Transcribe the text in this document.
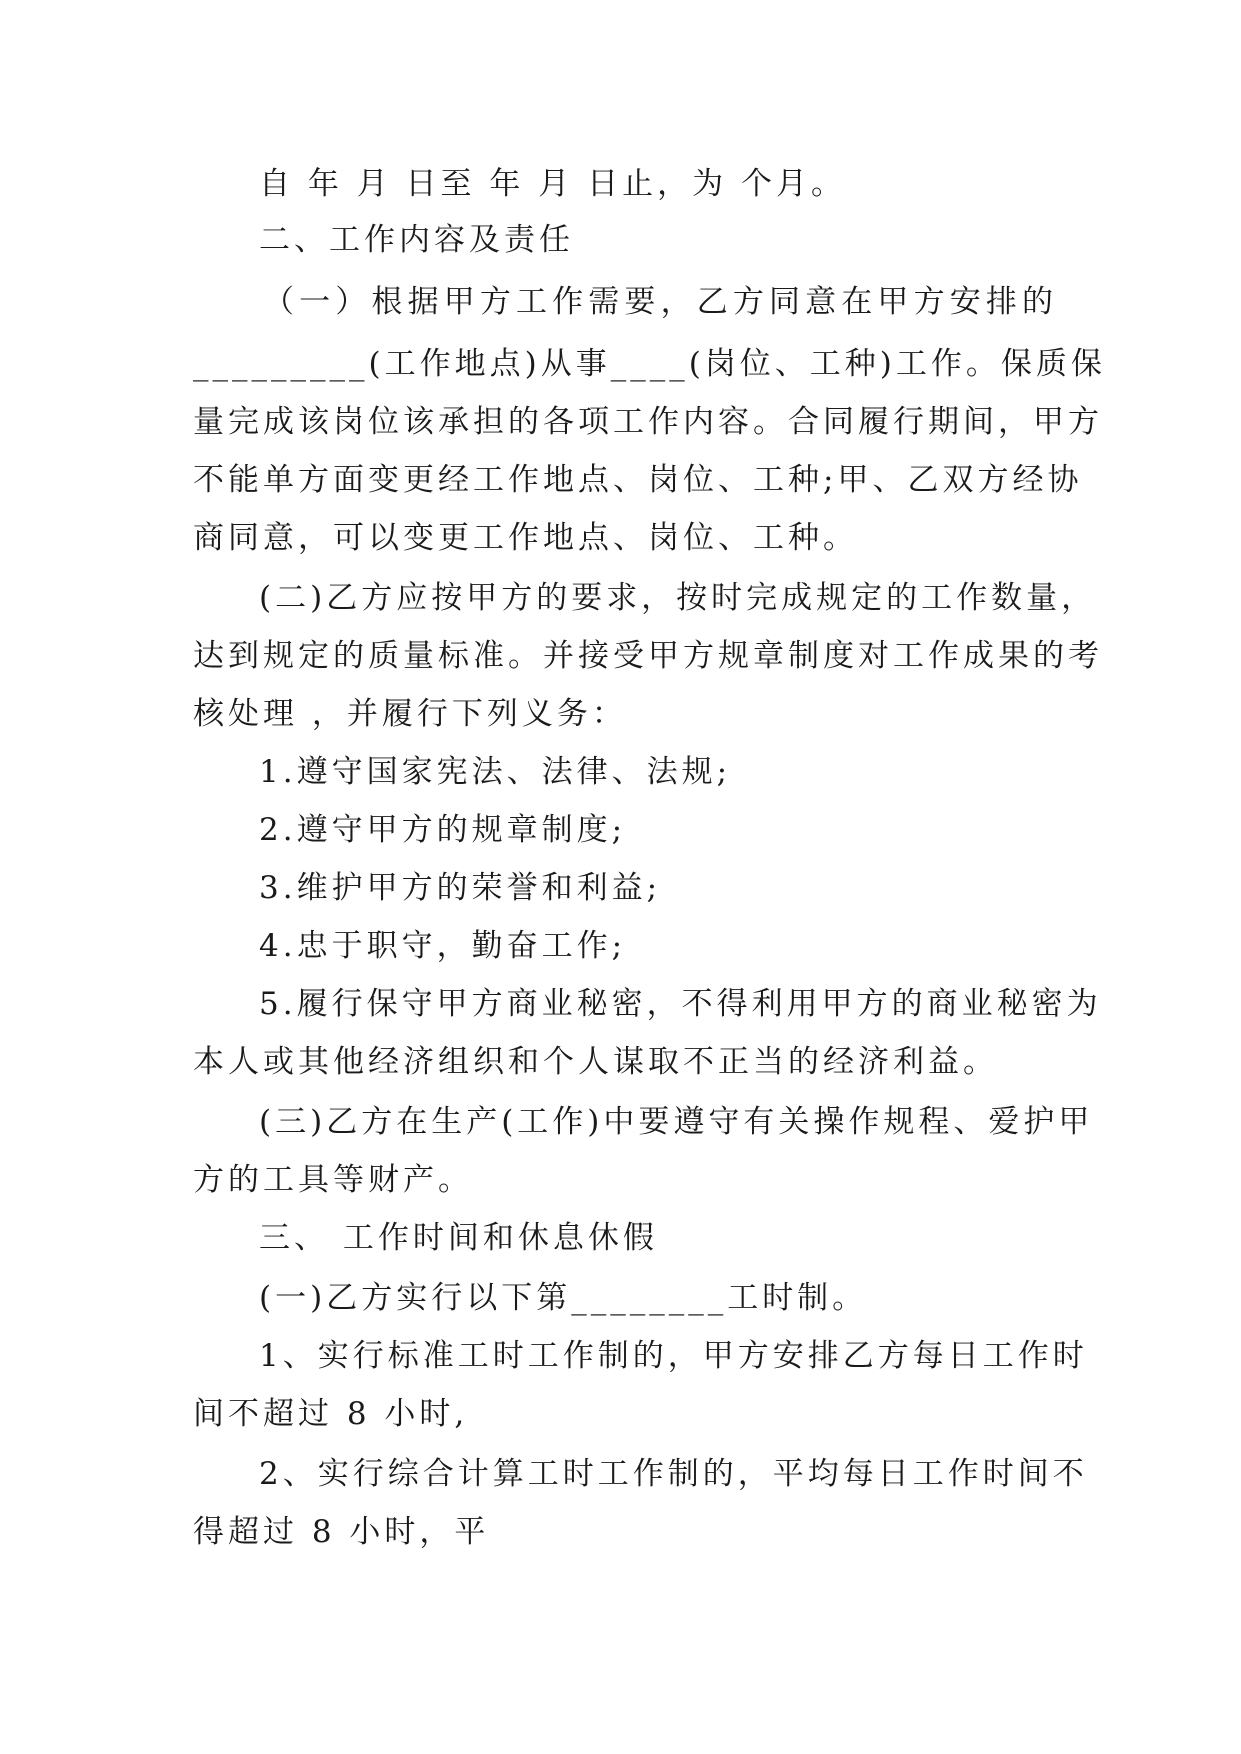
自 年 月 日至 年 月 日止，为 个月。
二、工作内容及责任
（一）根据甲方工作需要，乙方同意在甲方安排的
_________(工作地点)从事____(岗位、工种)工作。保质保
量完成该岗位该承担的各项工作内容。合同履行期间，甲方
不能单方面变更经工作地点、岗位、工种;甲、乙双方经协
商同意，可以变更工作地点、岗位、工种。
(二)乙方应按甲方的要求，按时完成规定的工作数量，
达到规定的质量标准。并接受甲方规章制度对工作成果的考
核处理 ，并履行下列义务：
1.遵守国家宪法、法律、法规;
2.遵守甲方的规章制度;
3.维护甲方的荣誉和利益;
4.忠于职守，勤奋工作;
5.履行保守甲方商业秘密，不得利用甲方的商业秘密为
本人或其他经济组织和个人谋取不正当的经济利益。
(三)乙方在生产(工作)中要遵守有关操作规程、爱护甲
方的工具等财产。
三、 工作时间和休息休假
(一)乙方实行以下第________工时制。
1、实行标准工时工作制的，甲方安排乙方每日工作时
间不超过 8 小时,
2、实行综合计算工时工作制的，平均每日工作时间不
得超过 8 小时，平
